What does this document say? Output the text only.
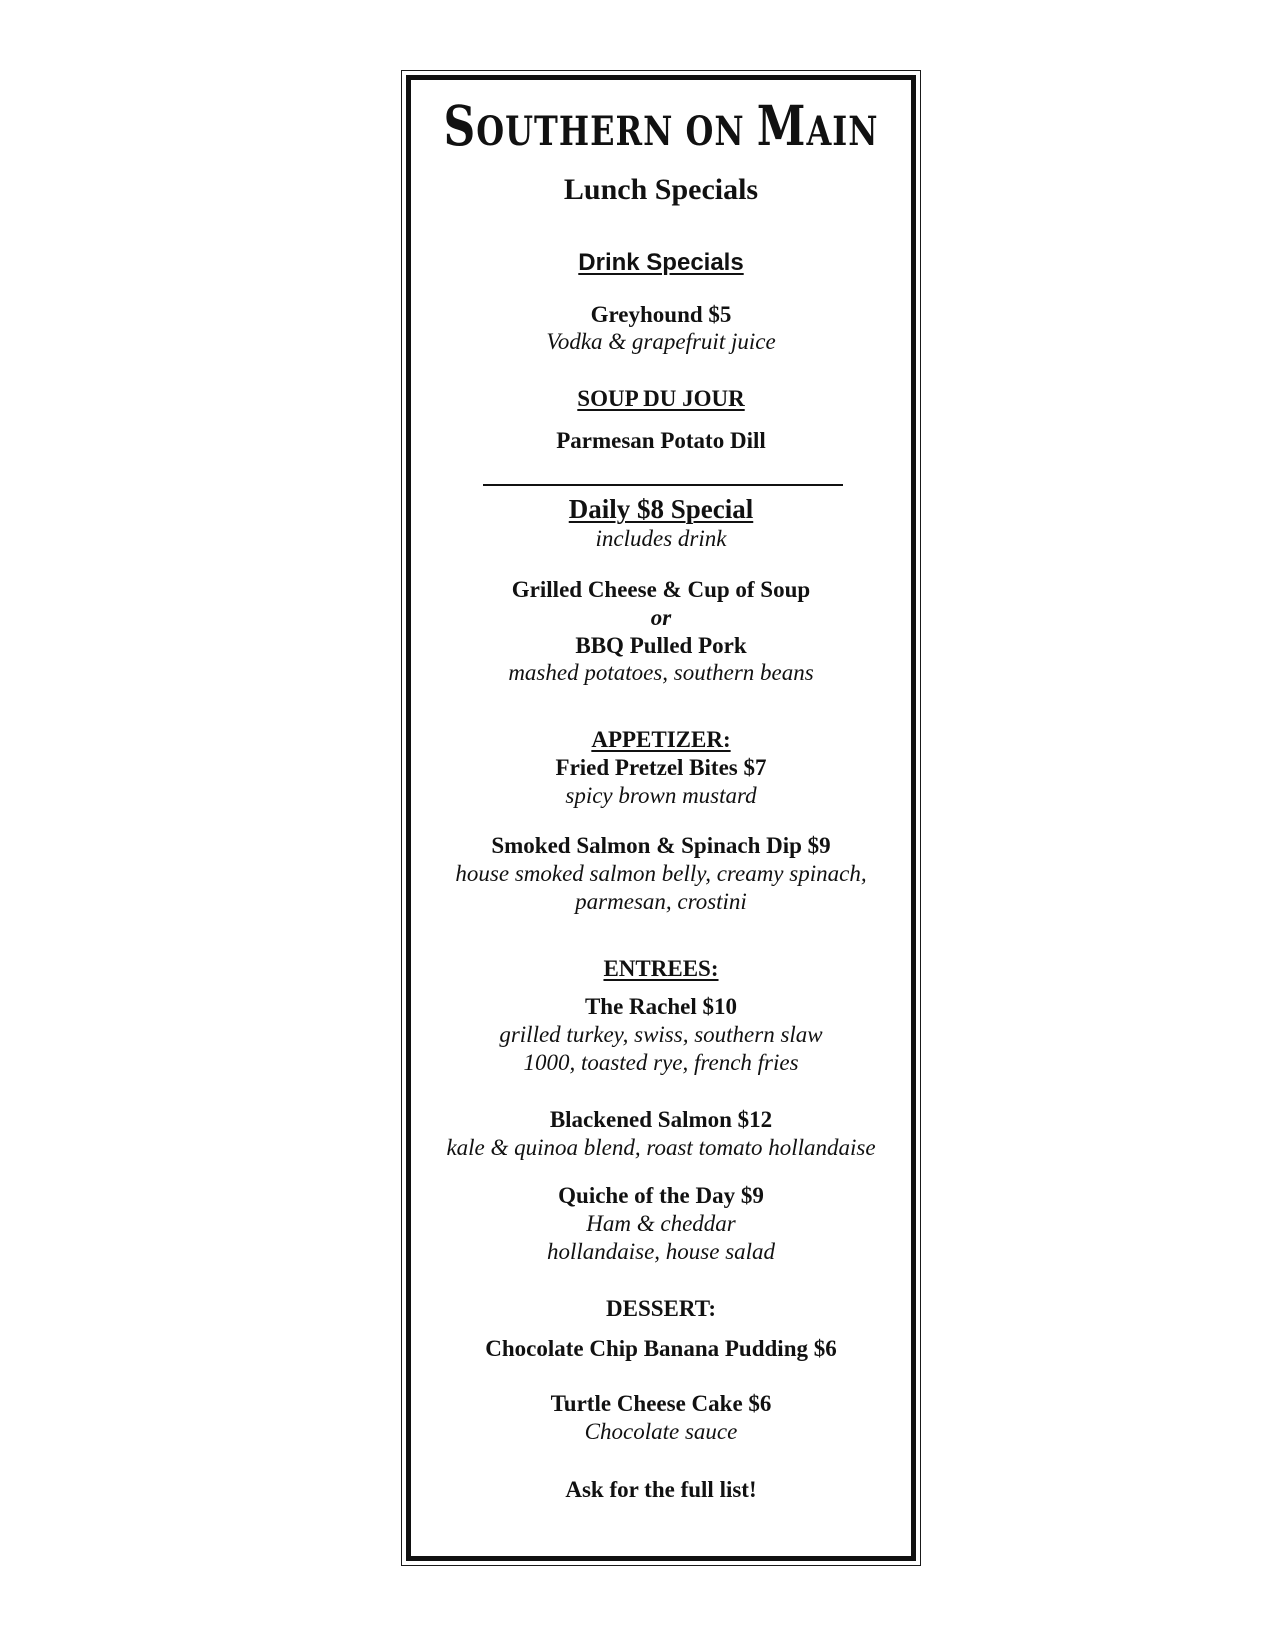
SOUTHERN ON MAIN
Lunch Specials
Drink Specials
Greyhound $5
Vodka & grapefruit juice
SOUP DU JOUR
Parmesan Potato Dill
Daily $8 Special
includes drink
Grilled Cheese & Cup of Soup
or
BBQ Pulled Pork
mashed potatoes, southern beans
APPETIZER:
Fried Pretzel Bites $7
spicy brown mustard
Smoked Salmon & Spinach Dip $9
house smoked salmon belly, creamy spinach,
parmesan, crostini
ENTREES:
The Rachel $10
grilled turkey, swiss, southern slaw
1000, toasted rye, french fries
Blackened Salmon $12
kale & quinoa blend, roast tomato hollandaise
Quiche of the Day $9
Ham & cheddar
hollandaise, house salad
DESSERT:
Chocolate Chip Banana Pudding $6
Turtle Cheese Cake $6
Chocolate sauce
Ask for the full list!
